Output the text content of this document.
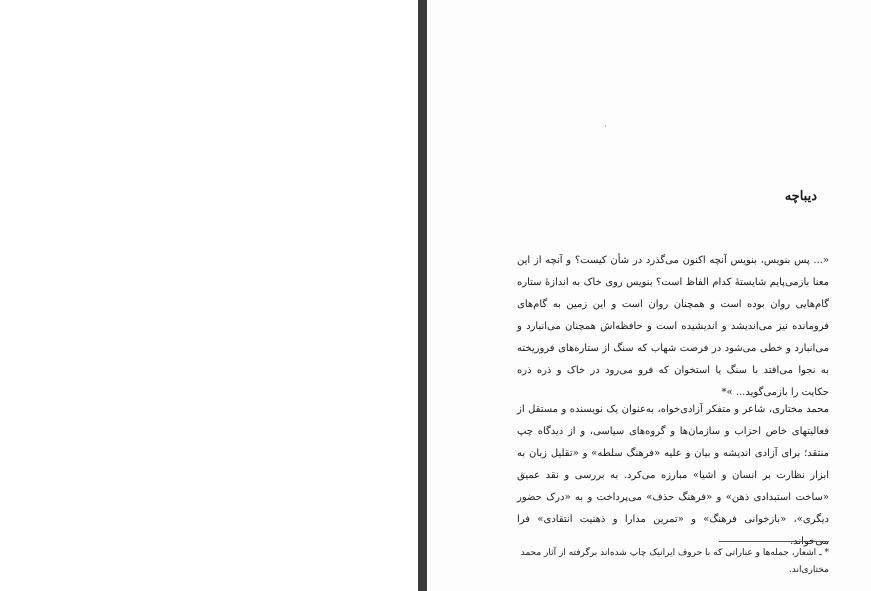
دیباچه

«... پس بنویس، بنویس آنچه اکنون می‌گذرد در شأن کیست؟ و آنچه از این معنا بازمی‌پایم شایستهٔ کدام الفاظ است؟ بنویس روی خاک به اندازهٔ ستاره گام‌هایی روان بوده است و همچنان روان است و این زمین به گام‌های فرومانده نیز می‌اندیشد و اندیشیده است و حافظه‌اش همچنان می‌انبارد و می‌انبارد و خطی می‌شود در فرصت شهاب که سنگ از ستاره‌های فروریخته به نجوا می‌افتد با سنگ یا استخوان که فرو می‌رود در خاک و ذره ذره حکایت را بازمی‌گوید... »*

محمد مختاری، شاعر و متفکر آزادی‌خواه، به‌عنوان یک نویسنده و مستقل از فعالیتهای خاص احزاب و سازمان‌ها و گروه‌های سیاسی، و از دیدگاه چپ منتقد؛ برای آزادی اندیشه و بیان و علیه «فرهنگ سلطه» و «تقلیل زبان به ابزار نظارت بر انسان و اشیا» مبارزه می‌کرد. به بررسی و نقد عمیق «ساخت استبدادی ذهن» و «فرهنگ حذف» می‌پرداخت و به «درک حضور دیگری»، «بازخوانی فرهنگ» و «تمرین مدارا و ذهنیت انتقادی» فرا می‌خواند.

* ـ اشعار، جمله‌ها و عباراتی که با حروف ایرانیک چاپ شده‌اند برگرفته از آثار محمد مختاری‌اند.
